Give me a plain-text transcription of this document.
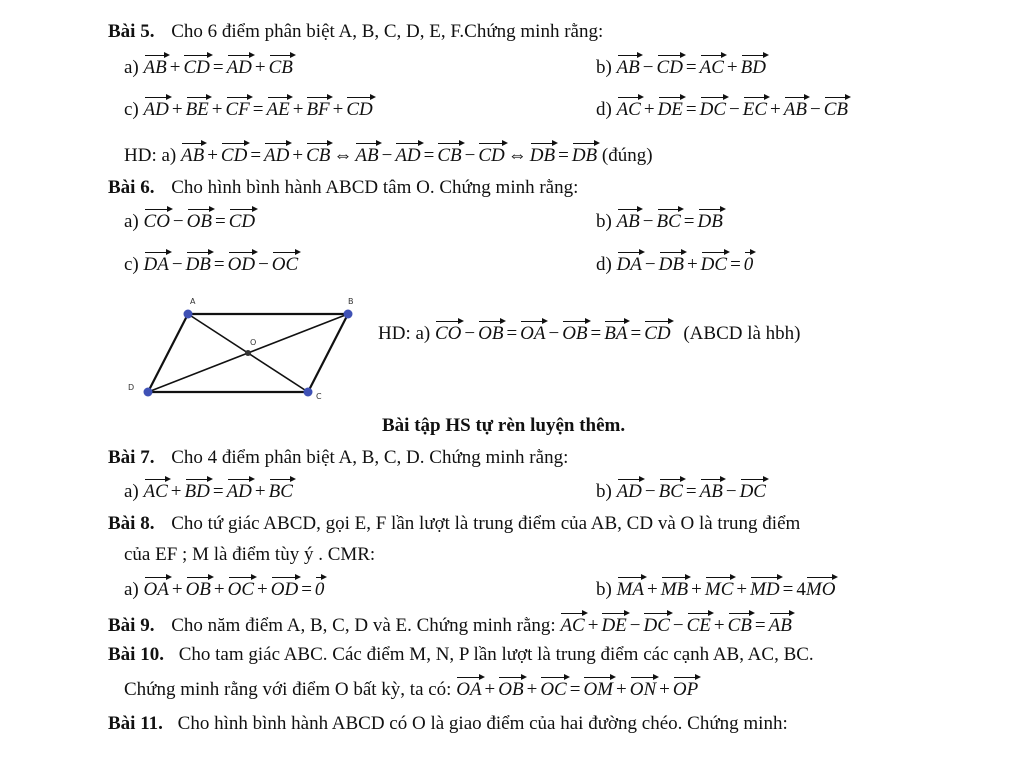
Bài 5. Cho 6 điểm phân biệt A, B, C, D, E, F.Chứng minh rằng:
a) AB + CD = AD + CB	b) AB − CD = AC + BD
c) AD + BE + CF = AE + BF + CD	d) AC + DE = DC − EC + AB − CB
HD: a) AB + CD = AD + CB ⇔ AB − AD = CB − CD ⇔ DB = DB (đúng)
Bài 6. Cho hình bình hành ABCD tâm O. Chứng minh rằng:
a) CO − OB = CD	b) AB − BC = DB
c) DA − DB = OD − OC	d) DA − DB + DC = 0
A	B
C
D
O	HD: a) CO − OB = OA − OB = BA = CD (ABCD là hbh)
Bài tập HS tự rèn luyện thêm.
Bài 7. Cho 4 điểm phân biệt A, B, C, D. Chứng minh rằng:
a) AC + BD = AD + BC	b) AD − BC = AB − DC
Bài 8. Cho tứ giác ABCD, gọi E, F lần lượt là trung điểm của AB, CD và O là trung điểm
của EF ; M là điểm tùy ý . CMR:
a) OA + OB + OC + OD = 0	b) MA + MB + MC + MD = 4MO
Bài 9. Cho năm điểm A, B, C, D và E. Chứng minh rằng: AC + DE − DC − CE + CB = AB
Bài 10. Cho tam giác ABC. Các điểm M, N, P lần lượt là trung điểm các cạnh AB, AC, BC.
Chứng minh rằng với điểm O bất kỳ, ta có: OA + OB + OC = OM + ON + OP
Bài 11. Cho hình bình hành ABCD có O là giao điểm của hai đường chéo. Chứng minh:
